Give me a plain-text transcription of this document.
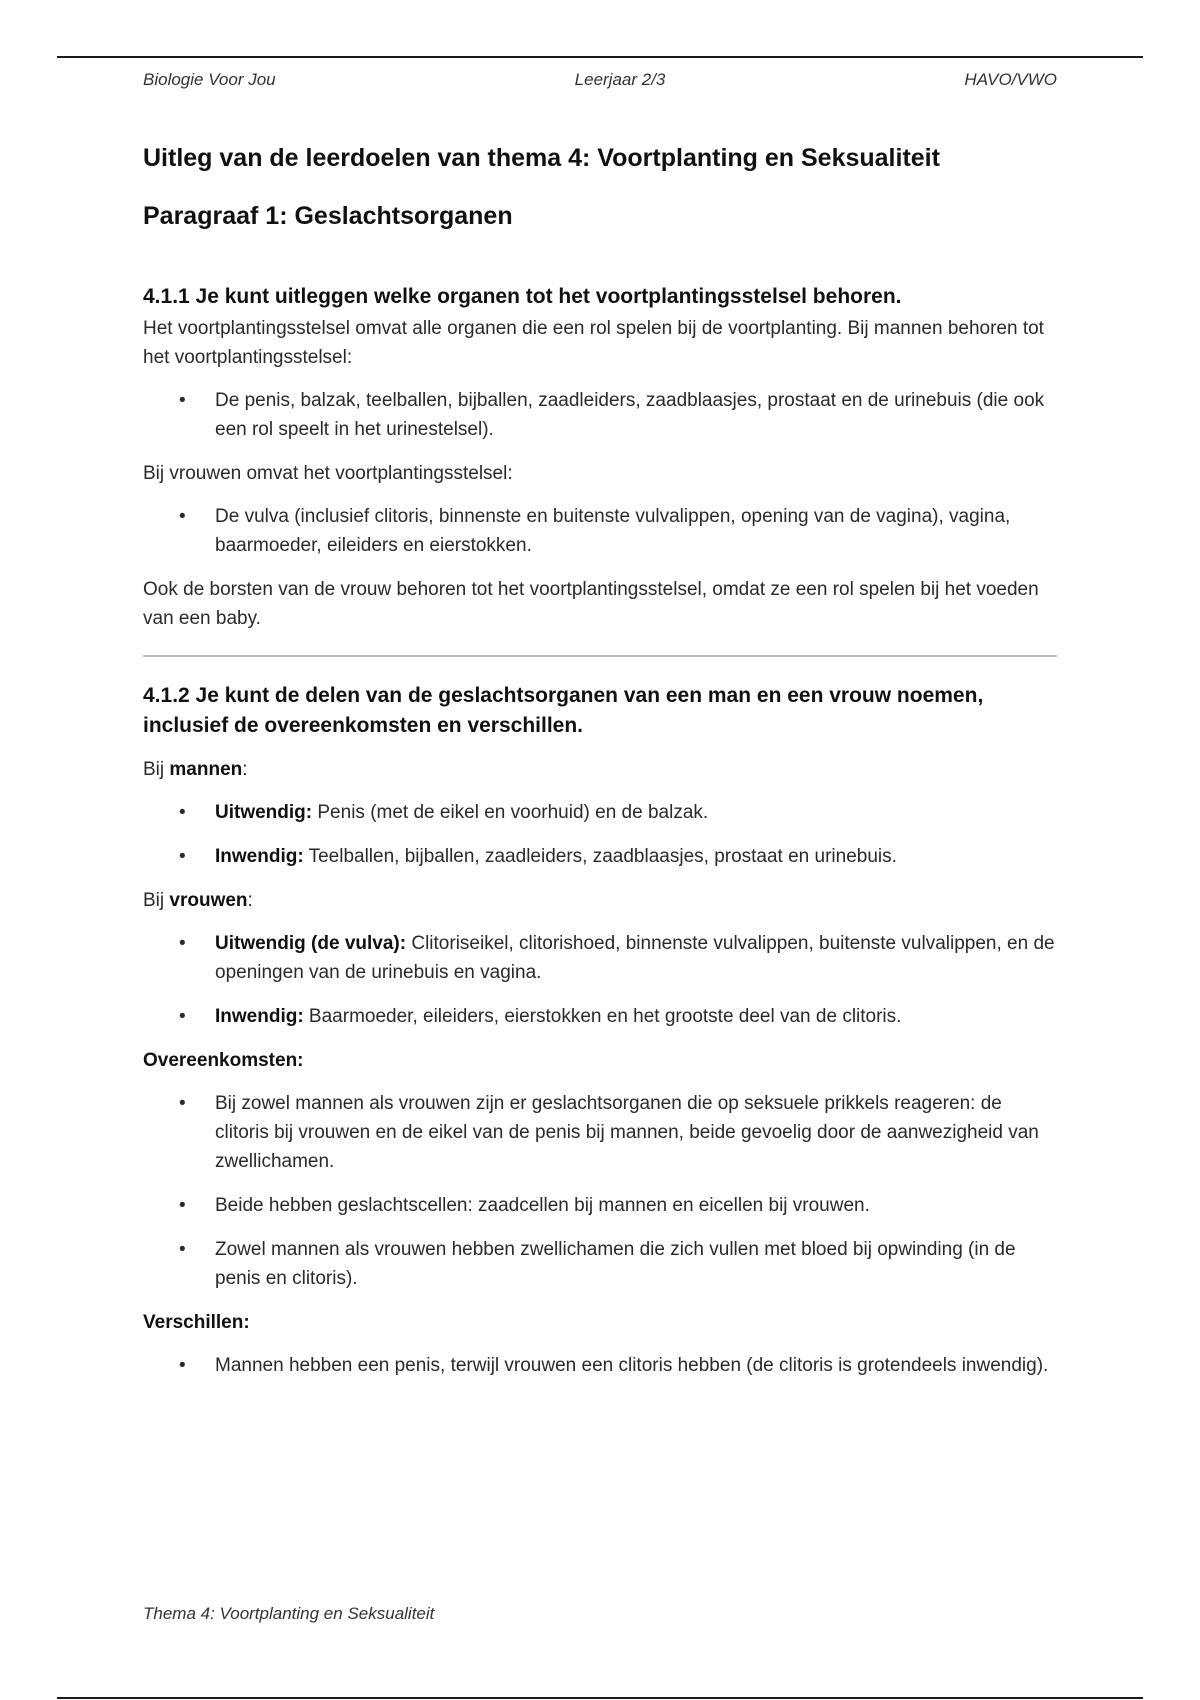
Biologie Voor Jou	Leerjaar 2/3	HAVO/VWO
Uitleg van de leerdoelen van thema 4: Voortplanting en Seksualiteit
Paragraaf 1: Geslachtsorganen
4.1.1 Je kunt uitleggen welke organen tot het voortplantingsstelsel behoren.

Het voortplantingsstelsel omvat alle organen die een rol spelen bij de voortplanting. Bij mannen behoren tot het voortplantingsstelsel:

• De penis, balzak, teelballen, bijballen, zaadleiders, zaadblaasjes, prostaat en de urinebuis (die ook een rol speelt in het urinestelsel).

Bij vrouwen omvat het voortplantingsstelsel:

• De vulva (inclusief clitoris, binnenste en buitenste vulvalippen, opening van de vagina), vagina, baarmoeder, eileiders en eierstokken.

Ook de borsten van de vrouw behoren tot het voortplantingsstelsel, omdat ze een rol spelen bij het voeden van een baby.

4.1.2 Je kunt de delen van de geslachtsorganen van een man en een vrouw noemen, inclusief de overeenkomsten en verschillen.

Bij mannen:

• Uitwendig: Penis (met de eikel en voorhuid) en de balzak.
• Inwendig: Teelballen, bijballen, zaadleiders, zaadblaasjes, prostaat en urinebuis.

Bij vrouwen:

• Uitwendig (de vulva): Clitoriseikel, clitorishoed, binnenste vulvalippen, buitenste vulvalippen, en de openingen van de urinebuis en vagina.
• Inwendig: Baarmoeder, eileiders, eierstokken en het grootste deel van de clitoris.

Overeenkomsten:

• Bij zowel mannen als vrouwen zijn er geslachtsorganen die op seksuele prikkels reageren: de clitoris bij vrouwen en de eikel van de penis bij mannen, beide gevoelig door de aanwezigheid van zwellichamen.
• Beide hebben geslachtscellen: zaadcellen bij mannen en eicellen bij vrouwen.
• Zowel mannen als vrouwen hebben zwellichamen die zich vullen met bloed bij opwinding (in de penis en clitoris).

Verschillen:

• Mannen hebben een penis, terwijl vrouwen een clitoris hebben (de clitoris is grotendeels inwendig).
Thema 4: Voortplanting en Seksualiteit
